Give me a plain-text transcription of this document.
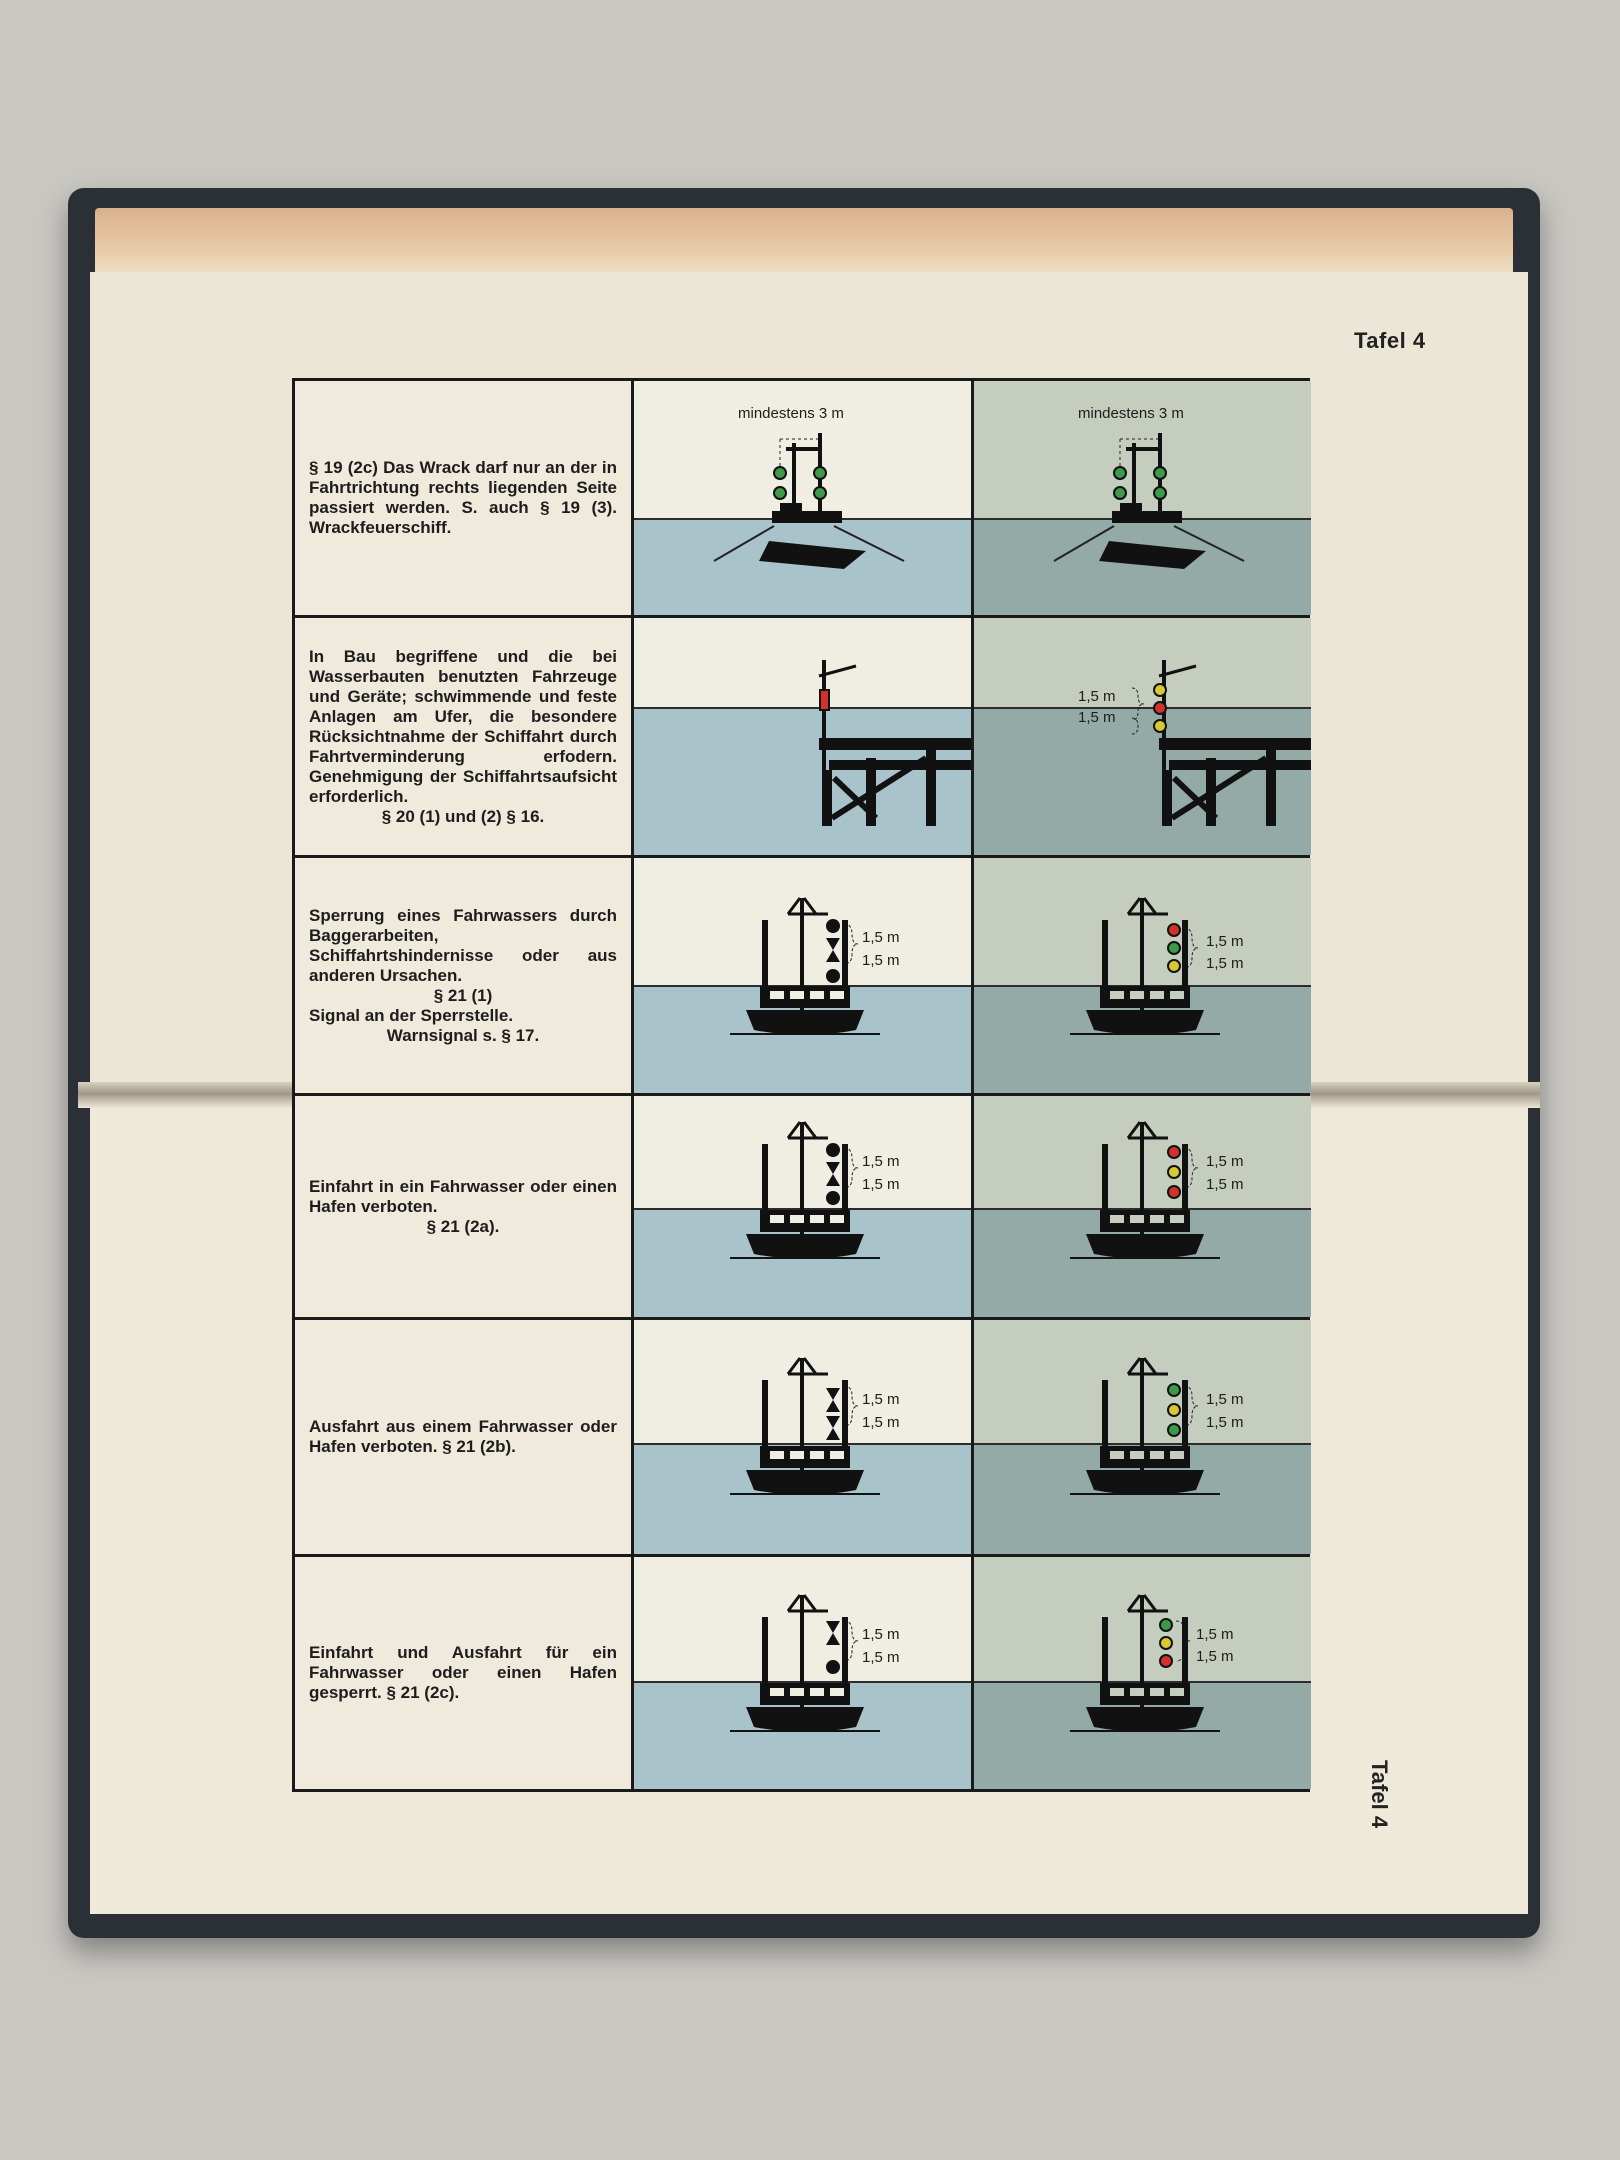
Tafel 4
Tafel 4

§ 19 (2c) Das Wrack darf nur an der in Fahrtrichtung rechts liegenden Seite passiert werden. S. auch § 19 (3). Wrackfeuerschiff.

mindestens 3 m	mindestens 3 m

In Bau begriffene und die bei Wasserbauten benutzten Fahrzeuge und Geräte; schwimmende und feste Anlagen am Ufer, die besondere Rücksichtnahme der Schiffahrt durch Fahrtverminderung erfodern. Genehmigung der Schiffahrtsaufsicht erforderlich.
§ 20 (1) und (2) § 16.

1,5 m
1,5 m

Sperrung eines Fahrwassers durch Baggerarbeiten, Schiffahrtshindernisse oder aus anderen Ursachen.
§ 21 (1)
Signal an der Sperrstelle.
Warnsignal s. § 17.

1,5 m
1,5 m
1,5 m
1,5 m

Einfahrt in ein Fahrwasser oder einen Hafen verboten.
§ 21 (2a).

1,5 m
1,5 m
1,5 m
1,5 m

Ausfahrt aus einem Fahrwasser oder Hafen verboten. § 21 (2b).

1,5 m
1,5 m
1,5 m
1,5 m

Einfahrt und Ausfahrt für ein Fahrwasser oder einen Hafen gesperrt. § 21 (2c).

1,5 m
1,5 m
1,5 m
1,5 m
